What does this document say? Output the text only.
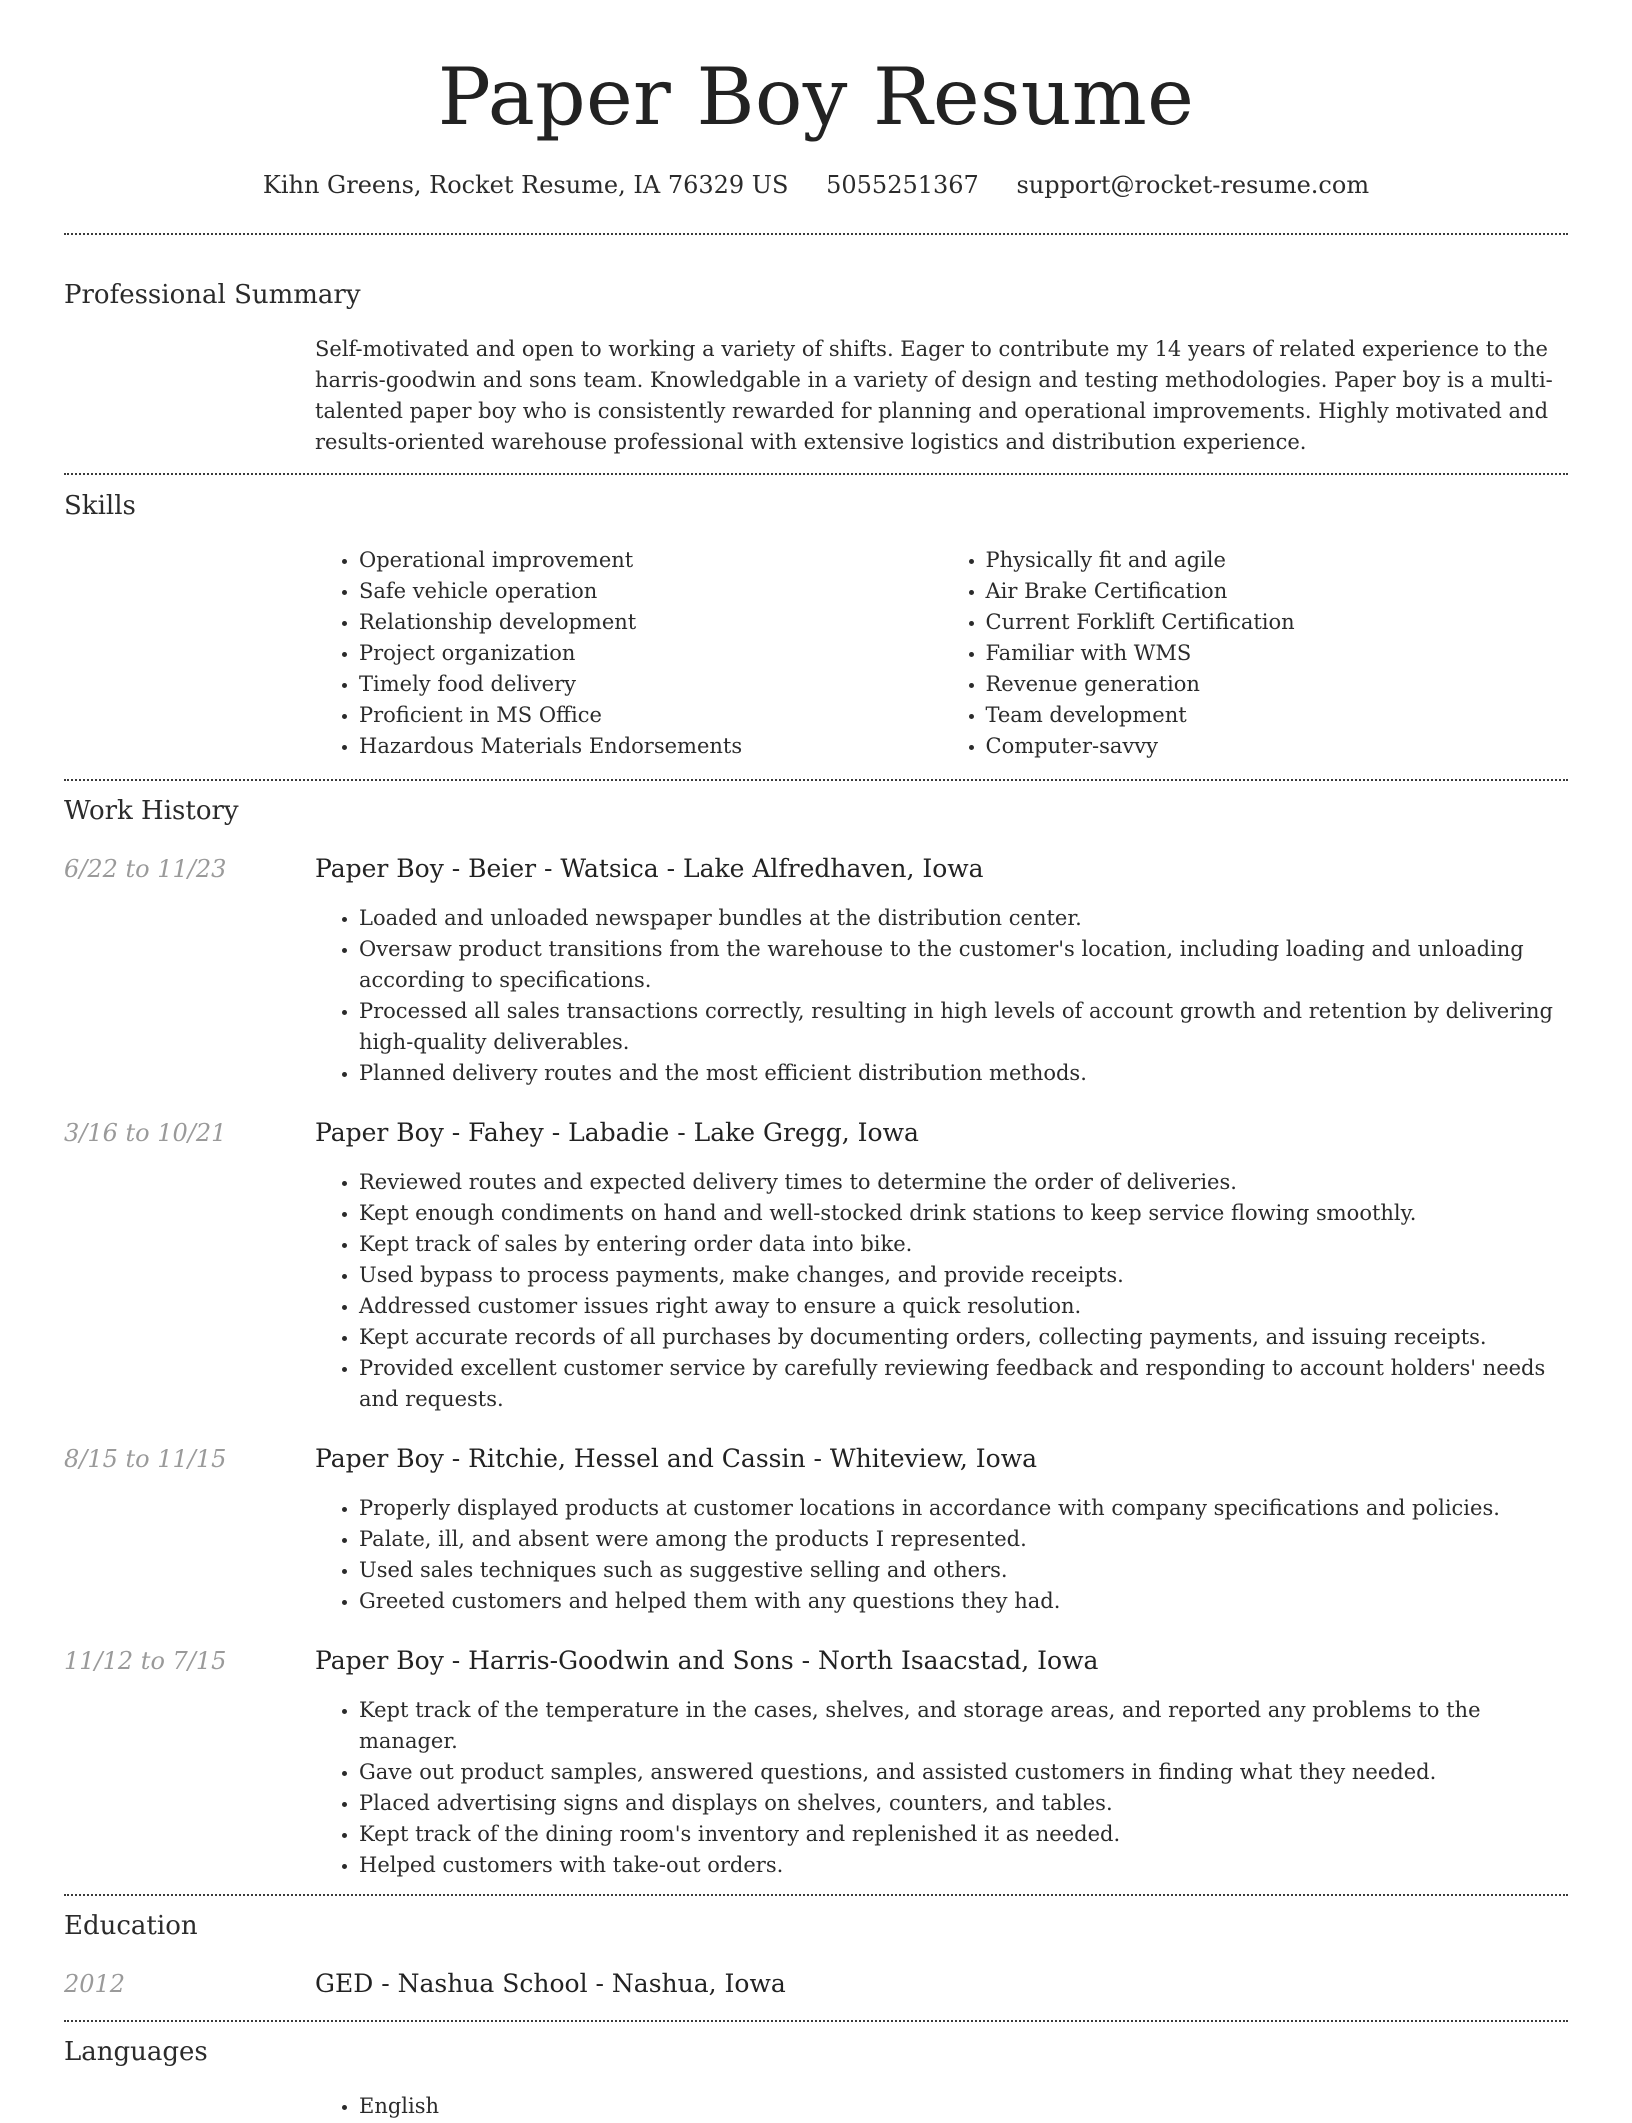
Paper Boy Resume
Kihn Greens, Rocket Resume, IA 76329 US 5055251367 support@rocket-resume.com
Professional Summary

Self-motivated and open to working a variety of shifts. Eager to contribute my 14 years of related experience to the harris-goodwin and sons team. Knowledgable in a variety of design and testing methodologies. Paper boy is a multi-talented paper boy who is consistently rewarded for planning and operational improvements. Highly motivated and results-oriented warehouse professional with extensive logistics and distribution experience.

Skills
• Operational improvement
• Safe vehicle operation
• Relationship development
• Project organization
• Timely food delivery
• Proficient in MS Office
• Hazardous Materials Endorsements
• Physically fit and agile
• Air Brake Certification
• Current Forklift Certification
• Familiar with WMS
• Revenue generation
• Team development
• Computer-savvy
Work History
6/22 to 11/23	Paper Boy - Beier - Watsica - Lake Alfredhaven, Iowa
• Loaded and unloaded newspaper bundles at the distribution center.
• Oversaw product transitions from the warehouse to the customer's location, including loading and unloading according to specifications.
• Processed all sales transactions correctly, resulting in high levels of account growth and retention by delivering high-quality deliverables.
• Planned delivery routes and the most efficient distribution methods.
3/16 to 10/21	Paper Boy - Fahey - Labadie - Lake Gregg, Iowa
• Reviewed routes and expected delivery times to determine the order of deliveries.
• Kept enough condiments on hand and well-stocked drink stations to keep service flowing smoothly.
• Kept track of sales by entering order data into bike.
• Used bypass to process payments, make changes, and provide receipts.
• Addressed customer issues right away to ensure a quick resolution.
• Kept accurate records of all purchases by documenting orders, collecting payments, and issuing receipts.
• Provided excellent customer service by carefully reviewing feedback and responding to account holders' needs and requests.
8/15 to 11/15	Paper Boy - Ritchie, Hessel and Cassin - Whiteview, Iowa
• Properly displayed products at customer locations in accordance with company specifications and policies.
• Palate, ill, and absent were among the products I represented.
• Used sales techniques such as suggestive selling and others.
• Greeted customers and helped them with any questions they had.
11/12 to 7/15	Paper Boy - Harris-Goodwin and Sons - North Isaacstad, Iowa
• Kept track of the temperature in the cases, shelves, and storage areas, and reported any problems to the manager.
• Gave out product samples, answered questions, and assisted customers in finding what they needed.
• Placed advertising signs and displays on shelves, counters, and tables.
• Kept track of the dining room's inventory and replenished it as needed.
• Helped customers with take-out orders.
Education
2012	GED - Nashua School - Nashua, Iowa
Languages
• English
